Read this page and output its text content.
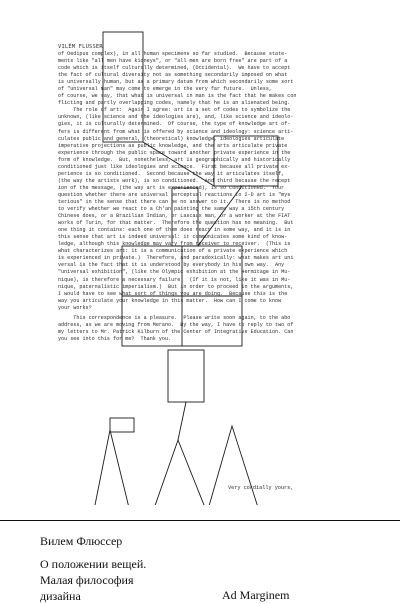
VILÉM FLUSSER
of Oedipus complex), in all human specimens so far studied.  Because state-
ments like "all men have kidneys", or "all men are born free" are part of a
code which is itself culturally determined, (Occidental).  We have to accept
the fact of cultural diversity not as something secondarily imposed on what
is universally human, but as a primary datum from which secondarily some sort
of "universal man" may come to emerge in the very far future.  Unless,
of course, we say, that what is universal in man is the fact that he makes con
flicting and partly overlapping codes, namely that he is an alienated being.
The role of art:  Again I agree: art is a set of codes to symbolize the
unknown, (like science and the ideologies are), and, like science and ideolo-
gies, it is culturally determined.  Of course, the type of knowledge art of-
fers is different from what is offered by science and ideology: science arti-
culates public and general, (theoretical) knowledge, ideologies articulate
imperative projections as public knowledge, and the arts articulate private
experience through the public space toward another private experience in the
form of knowledge.  But, nonetheless, art is geographically and historically
conditioned just like ideologies and science.  First because all private ex-
perience is so conditioned.  Second because the way it articulates itself,
(the way the artists work), is so conditioned.  And third because the recept
ion of the message, (the way art is experienced), is so conditioned.  Your
question whether there are universal perceptual reactions to 2-D art is "mys
terious" in the sense that there can be no answer to it.  There is no method
to verify whether we react to a Ch'an painting the same way a 15th century
Chinese does, or a Brazilian Indian, or Lascaux man, or a worker at the FIAT
works of Turin, for that matter.  Therefore the question has no meaning.  But
one thing it contains: each one of them does react in some way, and it is in
this sense that art is indeed universal: it communicates some kind of know-
ledge, although this knowledge may vary from receiver to receiver.  (This is
what characterizes art: it is a communication of a private experience which
is experienced in private.)  Therefore, and paradoxically: what makes art uni
versal is the fact that it is understood by everybody in his own way.  Any
"universal exhibition", (like the Olympic exhibition at the Hermitage in Mu-
nique), is therefore a necessary failure.  (If it is not, like it was in Mu-
nique, paternalistic imperialism.)  But in order to proceed in the arguments,
I would have to see what sort of things you are doing.  Because this is the
way you articulate your knowledge in this matter.  How can I come to know
your works?
This correspondence is a pleasure.  Please write soon again, to the abo
address, as we are moving from Merano.  By the way, I have to reply to two of
my letters to Mr. Patrick Kilburn of the Center of Integrative Education. Can
you see into this for me?  Thank you.
Very cordially yours,
Вилем Флюссер
О положении вещей.
Малая философия
дизайна	Ad Marginem
